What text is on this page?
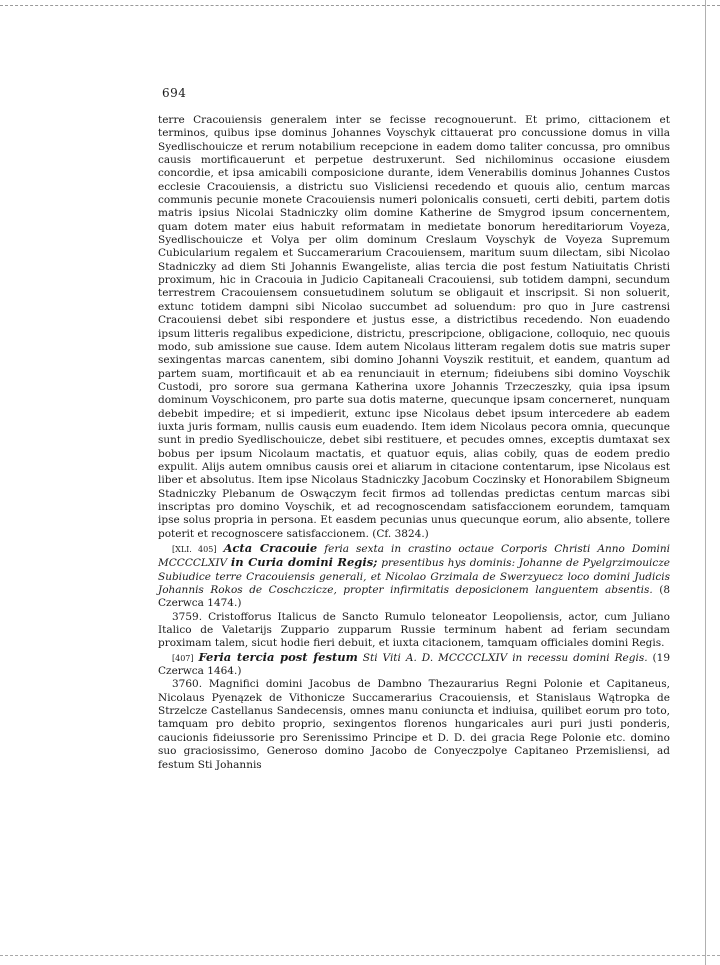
694

terre Cracouiensis generalem inter se fecisse recognouerunt. Et primo, cittacionem et terminos, quibus ipse dominus Johannes Voyschyk cittauerat pro concussione domus in villa Syedlischouicze et rerum notabilium recepcione in eadem domo taliter concussa, pro omnibus causis mortificauerunt et perpetue destruxerunt. Sed nichilominus occasione eiusdem concordie, et ipsa amicabili composicione durante, idem Venerabilis dominus Johannes Custos ecclesie Cracouiensis, a districtu suo Visliciensi recedendo et quouis alio, centum marcas communis pecunie monete Cracouiensis numeri polonicalis consueti, certi debiti, partem dotis matris ipsius Nicolai Stadniczky olim domine Katherine de Smygrod ipsum concernentem, quam dotem mater eius habuit reformatam in medietate bonorum hereditariorum Voyeza, Syedlischouicze et Volya per olim dominum Creslaum Voyschyk de Voyeza Supremum Cubicularium regalem et Succamerarium Cracouiensem, maritum suum dilectam, sibi Nicolao Stadniczky ad diem Sti Johannis Ewangeliste, alias tercia die post festum Natiuitatis Christi proximum, hic in Cracouia in Judicio Capitaneali Cracouiensi, sub totidem dampni, secundum terrestrem Cracouiensem consuetudinem solutum se obligauit et inscripsit. Si non soluerit, extunc totidem dampni sibi Nicolao succumbet ad soluendum: pro quo in Jure castrensi Cracouiensi debet sibi respondere et justus esse, a districtibus recedendo. Non euadendo ipsum litteris regalibus expedicione, districtu, prescripcione, obligacione, colloquio, nec quouis modo, sub amissione sue cause. Idem autem Nicolaus litteram regalem dotis sue matris super sexingentas marcas canentem, sibi domino Johanni Voyszik restituit, et eandem, quantum ad partem suam, mortificauit et ab ea renunciauit in eternum; fideiubens sibi domino Voyschik Custodi, pro sorore sua germana Katherina uxore Johannis Trzeczeszky, quia ipsa ipsum dominum Voyschiconem, pro parte sua dotis materne, quecunque ipsam concerneret, nunquam debebit impedire; et si impedierit, extunc ipse Nicolaus debet ipsum intercedere ab eadem iuxta juris formam, nullis causis eum euadendo. Item idem Nicolaus pecora omnia, quecunque sunt in predio Syedlischouicze, debet sibi restituere, et pecudes omnes, exceptis dumtaxat sex bobus per ipsum Nicolaum mactatis, et quatuor equis, alias cobily, quas de eodem predio expulit. Alijs autem omnibus causis orei et aliarum in citacione contentarum, ipse Nicolaus est liber et absolutus. Item ipse Nicolaus Stadniczky Jacobum Coczinsky et Honorabilem Sbigneum Stadniczky Plebanum de Oswączym fecit firmos ad tollendas predictas centum marcas sibi inscriptas pro domino Voyschik, et ad recognoscendam satisfaccionem eorundem, tamquam ipse solus propria in persona. Et easdem pecunias unus quecunque eorum, alio absente, tollere poterit et recognoscere satisfaccionem. (Cf. 3824.)

[XLI. 405] Acta Cracouie feria sexta in crastino octaue Corporis Christi Anno Domini MCCCCLXIV in Curia domini Regis; presentibus hys dominis: Johanne de Pyelgrzimouicze Subiudice terre Cracouiensis generali, et Nicolao Grzimala de Swerzyuecz loco domini Judicis Johannis Rokos de Coschczicze, propter infirmitatis deposicionem languentem absentis. (8 Czerwca 1474.)

3759. Cristofforus Italicus de Sancto Rumulo teloneator Leopoliensis, actor, cum Juliano Italico de Valetarijs Zuppario zupparum Russie terminum habent ad feriam secundam proximam talem, sicut hodie fieri debuit, et iuxta citacionem, tamquam officiales domini Regis.

[407] Feria tercia post festum Sti Viti A. D. MCCCCLXIV in recessu domini Regis. (19 Czerwca 1464.)

3760. Magnifici domini Jacobus de Dambno Thezaurarius Regni Polonie et Capitaneus, Nicolaus Pyenązek de Vithonicze Succamerarius Cracouiensis, et Stanislaus Wątropka de Strzelcze Castellanus Sandecensis, omnes manu coniuncta et indiuisa, quilibet eorum pro toto, tamquam pro debito proprio, sexingentos florenos hungaricales auri puri justi ponderis, caucionis fideiussorie pro Serenissimo Principe et D. D. dei gracia Rege Polonie etc. domino suo graciosissimo, Generoso domino Jacobo de Conyeczpolye Capitaneo Przemisliensi, ad festum Sti Johannis
